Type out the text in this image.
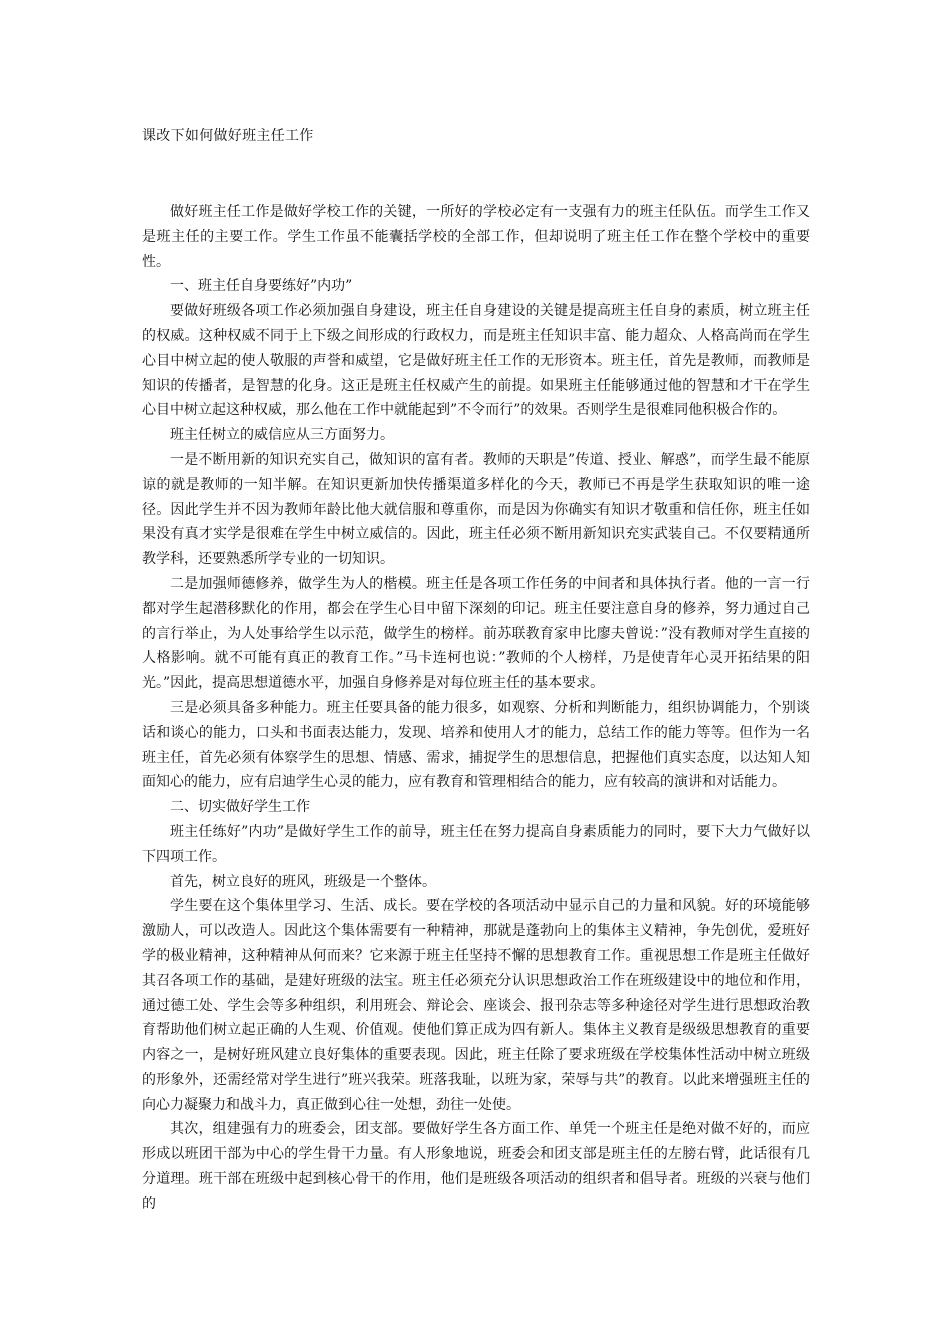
课改下如何做好班主任工作

做好班主任工作是做好学校工作的关键，一所好的学校必定有一支强有力的班主任队伍。而学生工作又是班主任的主要工作。学生工作虽不能囊括学校的全部工作，但却说明了班主任工作在整个学校中的重要性。

一、班主任自身要练好”内功”

要做好班级各项工作必须加强自身建设，班主任自身建设的关键是提高班主任自身的素质，树立班主任的权威。这种权威不同于上下级之间形成的行政权力，而是班主任知识丰富、能力超众、人格高尚而在学生心目中树立起的使人敬服的声誉和威望，它是做好班主任工作的无形资本。班主任，首先是教师，而教师是知识的传播者，是智慧的化身。这正是班主任权威产生的前提。如果班主任能够通过他的智慧和才干在学生心目中树立起这种权威，那么他在工作中就能起到”不令而行”的效果。否则学生是很难同他积极合作的。

班主任树立的威信应从三方面努力。

一是不断用新的知识充实自己，做知识的富有者。教师的天职是”传道、授业、解惑”，而学生最不能原谅的就是教师的一知半解。在知识更新加快传播渠道多样化的今天，教师已不再是学生获取知识的唯一途径。因此学生并不因为教师年龄比他大就信服和尊重你，而是因为你确实有知识才敬重和信任你，班主任如果没有真才实学是很难在学生中树立威信的。因此，班主任必须不断用新知识充实武装自己。不仅要精通所教学科，还要熟悉所学专业的一切知识。

二是加强师德修养，做学生为人的楷模。班主任是各项工作任务的中间者和具体执行者。他的一言一行都对学生起潜移默化的作用，都会在学生心目中留下深刻的印记。班主任要注意自身的修养，努力通过自己的言行举止，为人处事给学生以示范，做学生的榜样。前苏联教育家申比廖夫曾说：”没有教师对学生直接的人格影响。就不可能有真正的教育工作。”马卡连柯也说：”教师的个人榜样，乃是使青年心灵开拓结果的阳光。”因此，提高思想道德水平，加强自身修养是对每位班主任的基本要求。

三是必须具备多种能力。班主任要具备的能力很多，如观察、分析和判断能力，组织协调能力，个别谈话和谈心的能力，口头和书面表达能力，发现、培养和使用人才的能力，总结工作的能力等等。但作为一名班主任，首先必须有体察学生的思想、情感、需求，捕捉学生的思想信息，把握他们真实态度，以达知人知面知心的能力，应有启迪学生心灵的能力，应有教育和管理相结合的能力，应有较高的演讲和对话能力。

二、切实做好学生工作

班主任练好”内功”是做好学生工作的前导，班主任在努力提高自身素质能力的同时，要下大力气做好以下四项工作。

首先，树立良好的班风，班级是一个整体。

学生要在这个集体里学习、生活、成长。要在学校的各项活动中显示自己的力量和风貌。好的环境能够激励人，可以改造人。因此这个集体需要有一种精神，那就是蓬勃向上的集体主义精神，争先创优，爱班好学的极业精神，这种精神从何而来？它来源于班主任坚持不懈的思想教育工作。重视思想工作是班主任做好其召各项工作的基础，是建好班级的法宝。班主任必须充分认识思想政治工作在班级建设中的地位和作用，通过德工处、学生会等多种组织，利用班会、辩论会、座谈会、报刊杂志等多种途径对学生进行思想政治教育帮助他们树立起正确的人生观、价值观。使他们算正成为四有新人。集体主义教育是级级思想教育的重要内容之一，是树好班风建立良好集体的重要表现。因此，班主任除了要求班级在学校集体性活动中树立班级的形象外，还需经常对学生进行”班兴我荣。班落我耻，以班为家，荣辱与共”的教育。以此来增强班主任的向心力凝聚力和战斗力，真正做到心往一处想，劲往一处使。

其次，组建强有力的班委会，团支部。要做好学生各方面工作、单凭一个班主任是绝对做不好的，而应形成以班团干部为中心的学生骨干力量。有人形象地说，班委会和团支部是班主任的左膀右臂，此话很有几分道理。班干部在班级中起到核心骨干的作用，他们是班级各项活动的组织者和倡导者。班级的兴衰与他们的
